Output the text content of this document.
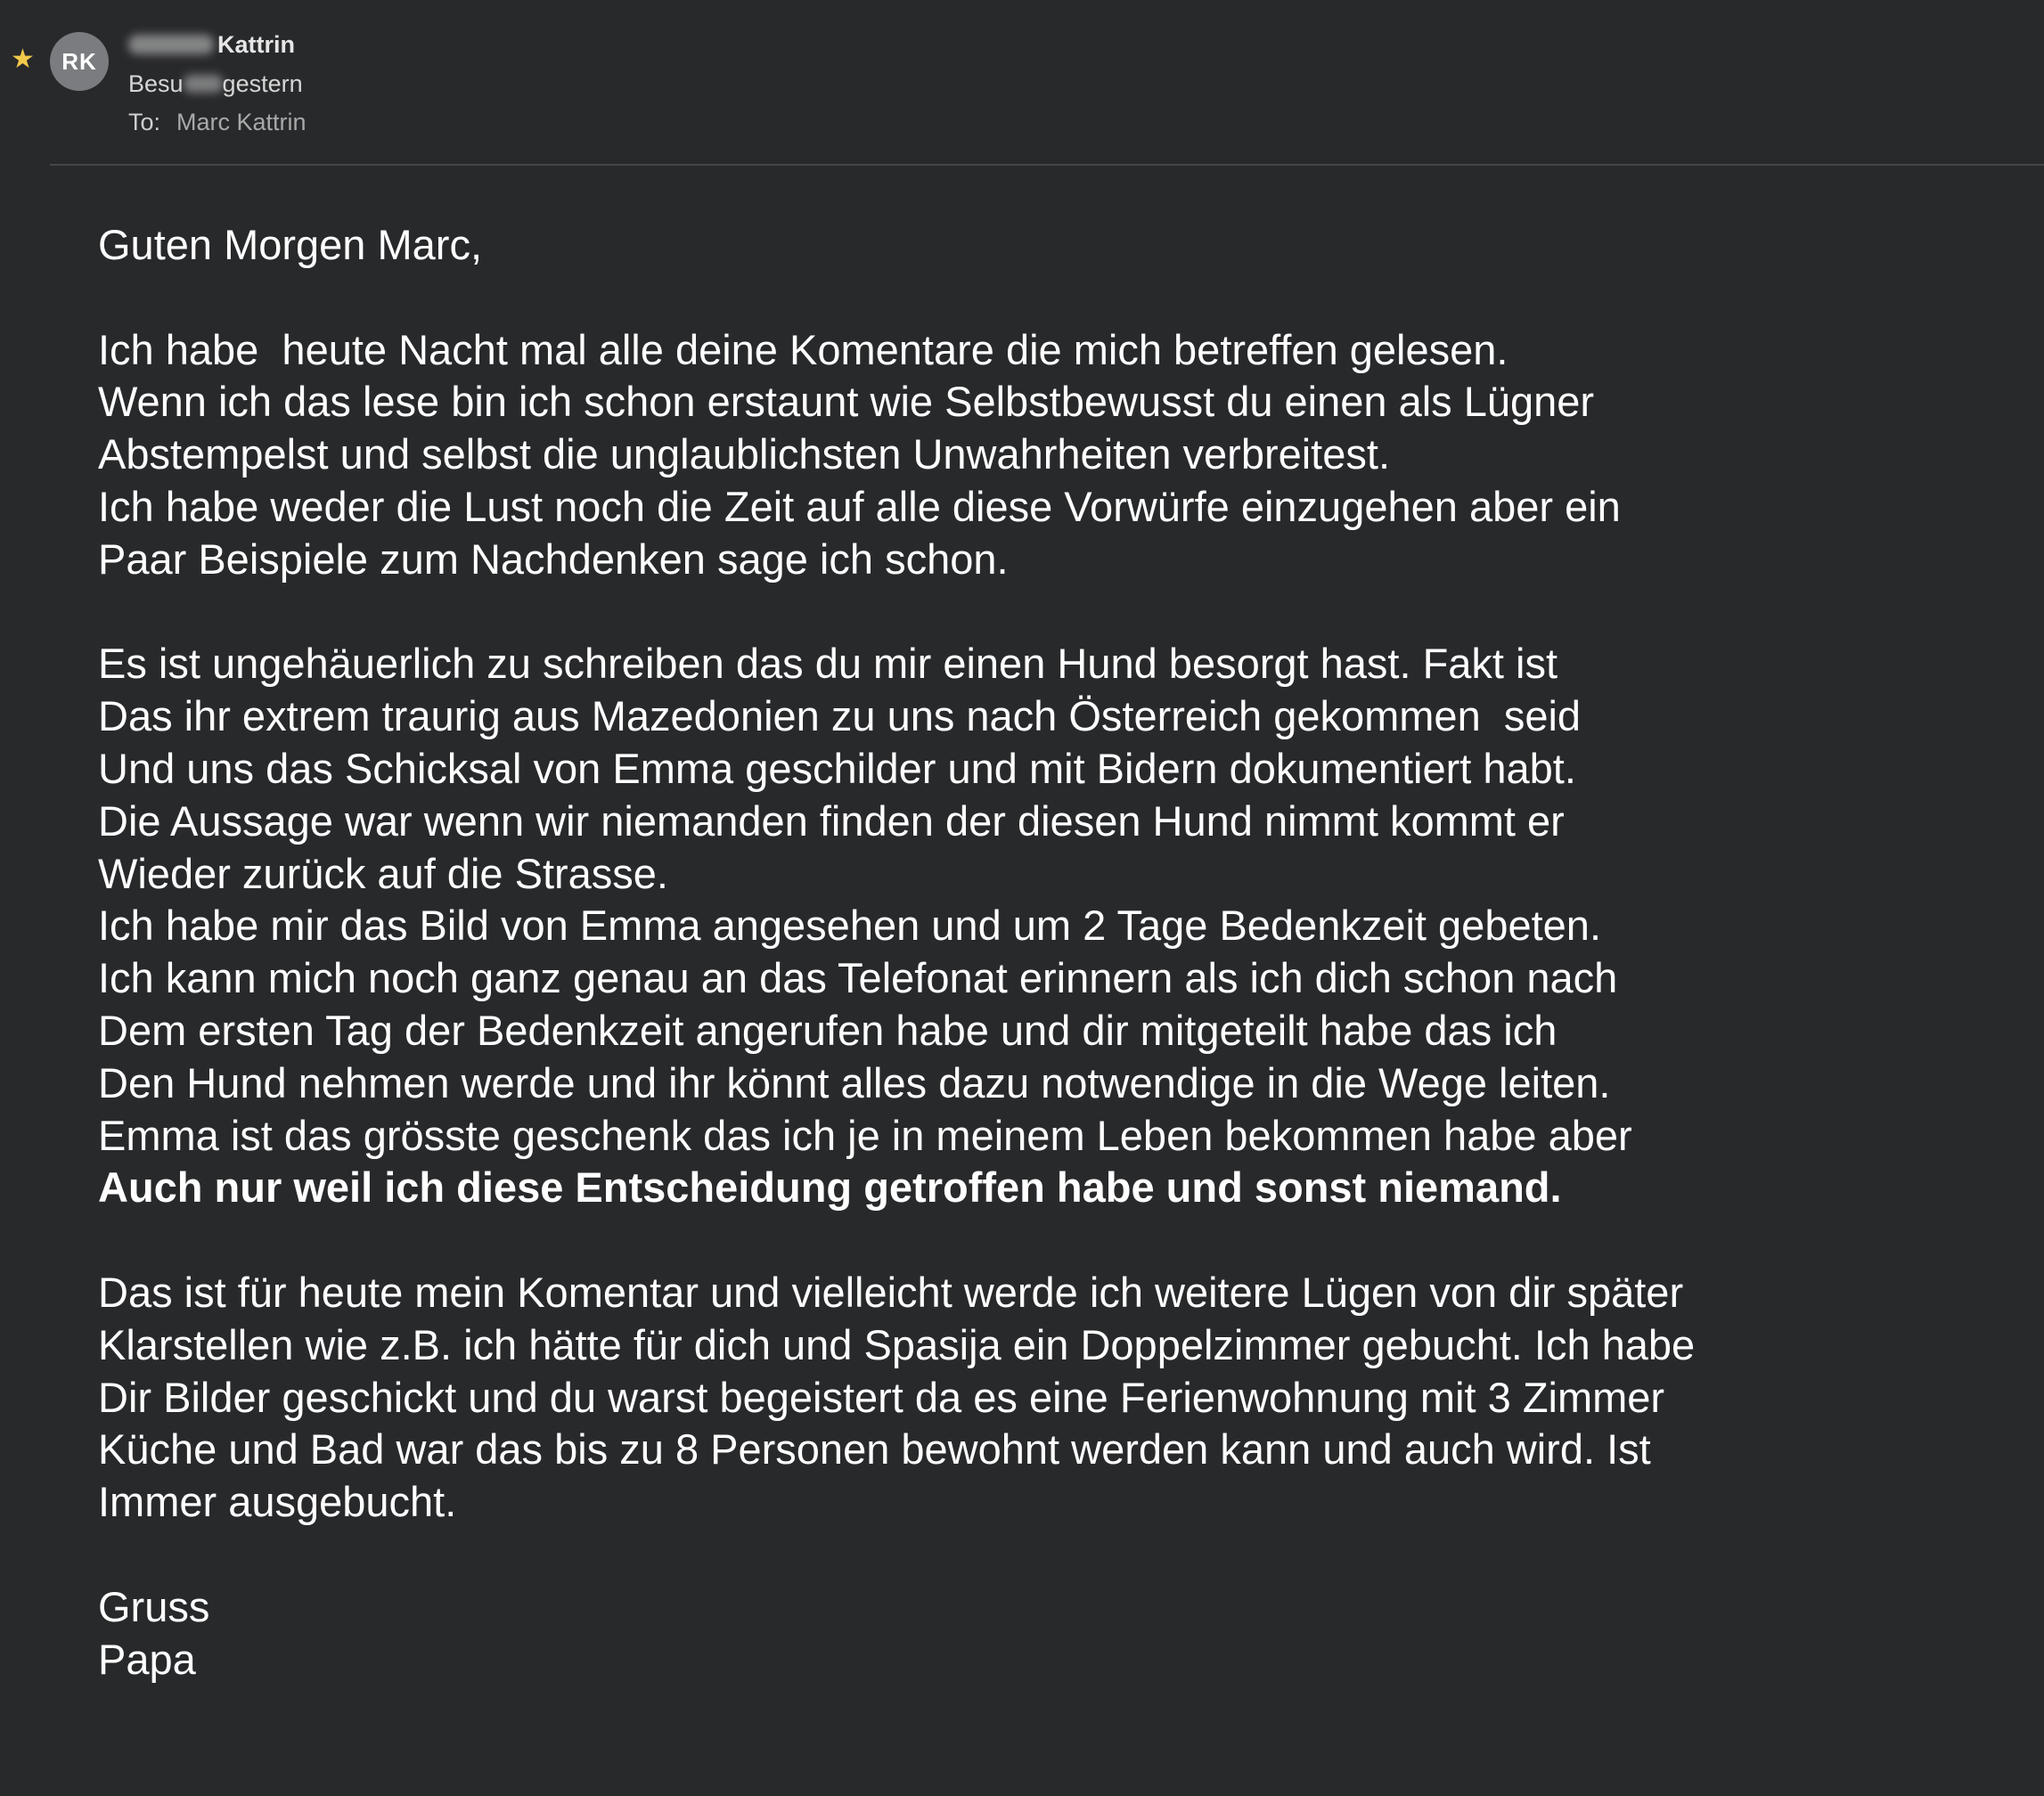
★	RK
Kattrin
Besu gestern
To: Marc Kattrin
Guten Morgen Marc,
Ich habe  heute Nacht mal alle deine Komentare die mich betreffen gelesen.
Wenn ich das lese bin ich schon erstaunt wie Selbstbewusst du einen als Lügner
Abstempelst und selbst die unglaublichsten Unwahrheiten verbreitest.
Ich habe weder die Lust noch die Zeit auf alle diese Vorwürfe einzugehen aber ein
Paar Beispiele zum Nachdenken sage ich schon.
Es ist ungehäuerlich zu schreiben das du mir einen Hund besorgt hast. Fakt ist
Das ihr extrem traurig aus Mazedonien zu uns nach Österreich gekommen  seid
Und uns das Schicksal von Emma geschilder und mit Bidern dokumentiert habt.
Die Aussage war wenn wir niemanden finden der diesen Hund nimmt kommt er
Wieder zurück auf die Strasse.
Ich habe mir das Bild von Emma angesehen und um 2 Tage Bedenkzeit gebeten.
Ich kann mich noch ganz genau an das Telefonat erinnern als ich dich schon nach
Dem ersten Tag der Bedenkzeit angerufen habe und dir mitgeteilt habe das ich
Den Hund nehmen werde und ihr könnt alles dazu notwendige in die Wege leiten.
Emma ist das grösste geschenk das ich je in meinem Leben bekommen habe aber
Auch nur weil ich diese Entscheidung getroffen habe und sonst niemand.
Das ist für heute mein Komentar und vielleicht werde ich weitere Lügen von dir später
Klarstellen wie z.B. ich hätte für dich und Spasija ein Doppelzimmer gebucht. Ich habe
Dir Bilder geschickt und du warst begeistert da es eine Ferienwohnung mit 3 Zimmer
Küche und Bad war das bis zu 8 Personen bewohnt werden kann und auch wird. Ist
Immer ausgebucht.
Gruss
Papa
